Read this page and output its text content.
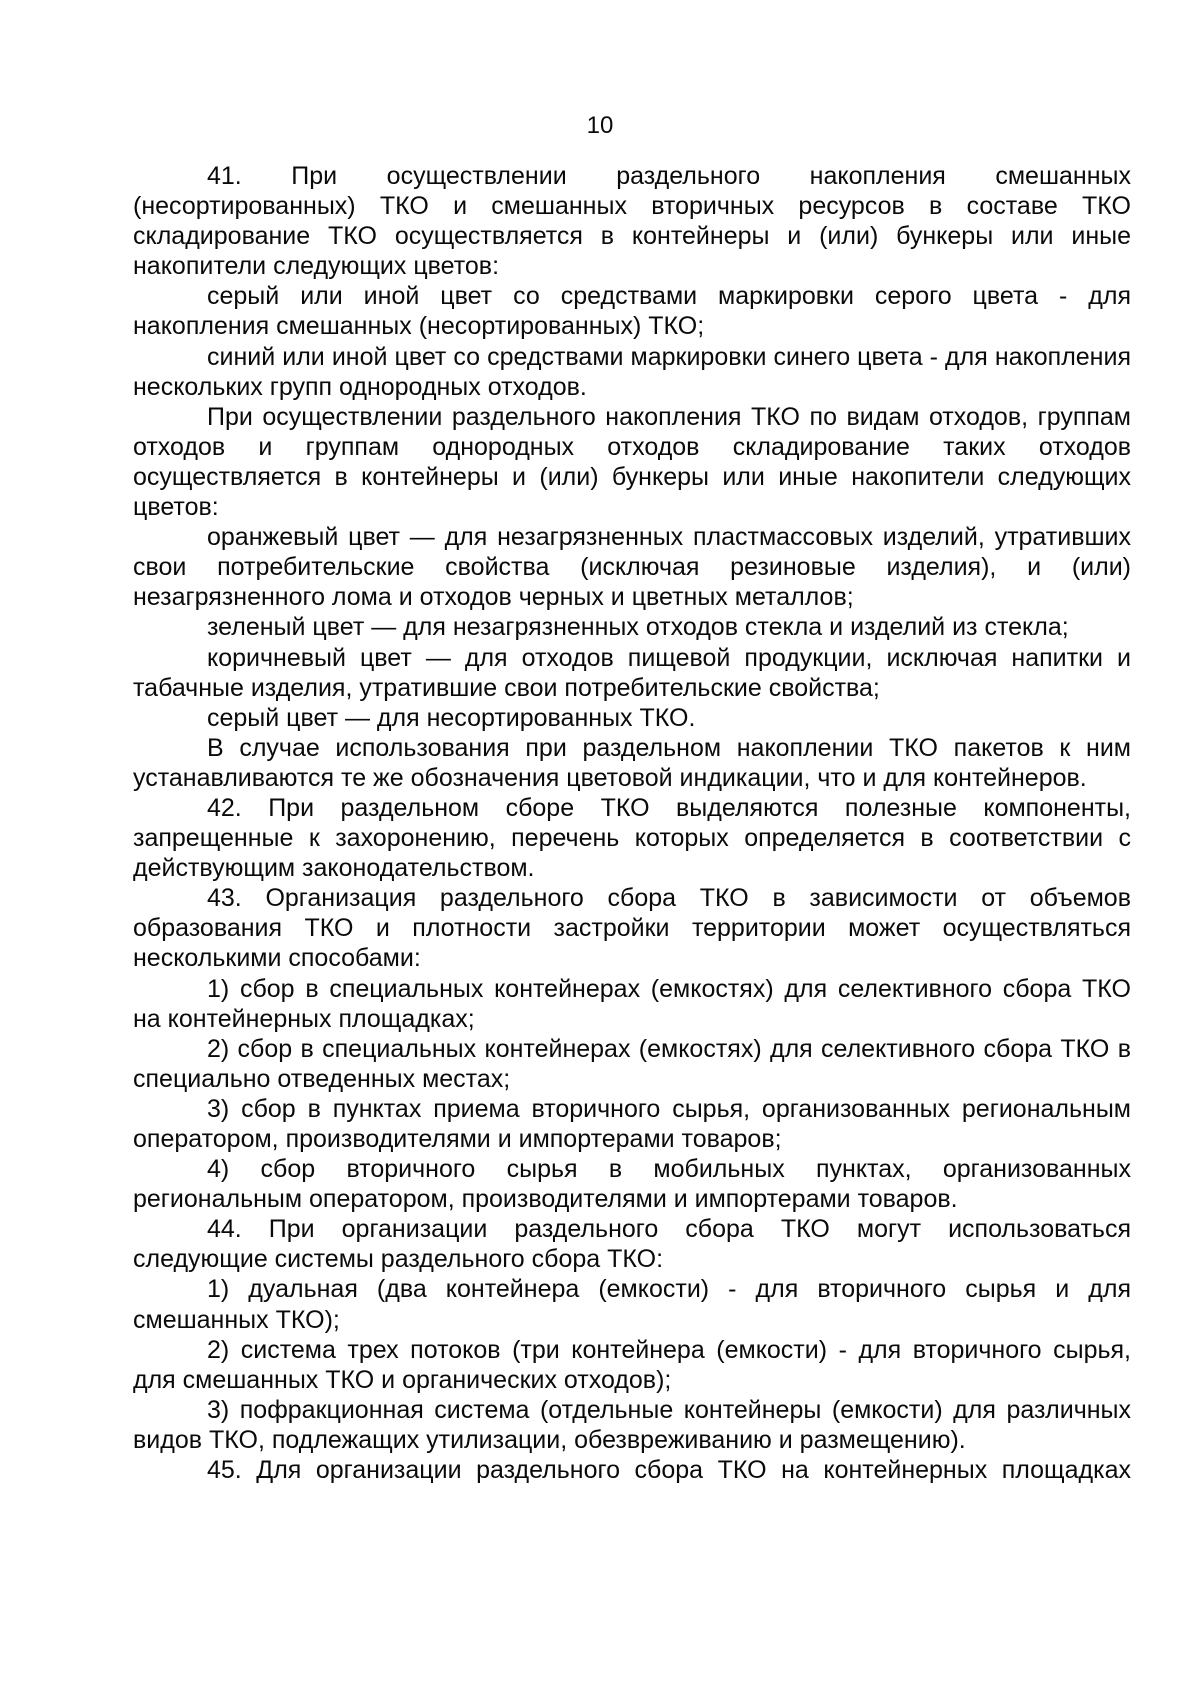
10

41. При осуществлении раздельного накопления смешанных (несортированных) ТКО и смешанных вторичных ресурсов в составе ТКО складирование ТКО осуществляется в контейнеры и (или) бункеры или иные накопители следующих цветов:

серый или иной цвет со средствами маркировки серого цвета - для накопления смешанных (несортированных) ТКО;

синий или иной цвет со средствами маркировки синего цвета - для накопления нескольких групп однородных отходов.

При осуществлении раздельного накопления ТКО по видам отходов, группам отходов и группам однородных отходов складирование таких отходов осуществляется в контейнеры и (или) бункеры или иные накопители следующих цветов:

оранжевый цвет — для незагрязненных пластмассовых изделий, утративших свои потребительские свойства (исключая резиновые изделия), и (или) незагрязненного лома и отходов черных и цветных металлов;

зеленый цвет — для незагрязненных отходов стекла и изделий из стекла;

коричневый цвет — для отходов пищевой продукции, исключая напитки и табачные изделия, утратившие свои потребительские свойства;

серый цвет — для несортированных ТКО.

В случае использования при раздельном накоплении ТКО пакетов к ним устанавливаются те же обозначения цветовой индикации, что и для контейнеров.

42. При раздельном сборе ТКО выделяются полезные компоненты, запрещенные к захоронению, перечень которых определяется в соответствии с действующим законодательством.

43. Организация раздельного сбора ТКО в зависимости от объемов образования ТКО и плотности застройки территории может осуществляться несколькими способами:

1) сбор в специальных контейнерах (емкостях) для селективного сбора ТКО на контейнерных площадках;

2) сбор в специальных контейнерах (емкостях) для селективного сбора ТКО в специально отведенных местах;

3) сбор в пунктах приема вторичного сырья, организованных региональным оператором, производителями и импортерами товаров;

4) сбор вторичного сырья в мобильных пунктах, организованных региональным оператором, производителями и импортерами товаров.

44. При организации раздельного сбора ТКО могут использоваться следующие системы раздельного сбора ТКО:

1) дуальная (два контейнера (емкости) - для вторичного сырья и для смешанных ТКО);

2) система трех потоков (три контейнера (емкости) - для вторичного сырья, для смешанных ТКО и органических отходов);

3) пофракционная система (отдельные контейнеры (емкости) для различных видов ТКО, подлежащих утилизации, обезвреживанию и размещению).

45. Для организации раздельного сбора ТКО на контейнерных площадках
